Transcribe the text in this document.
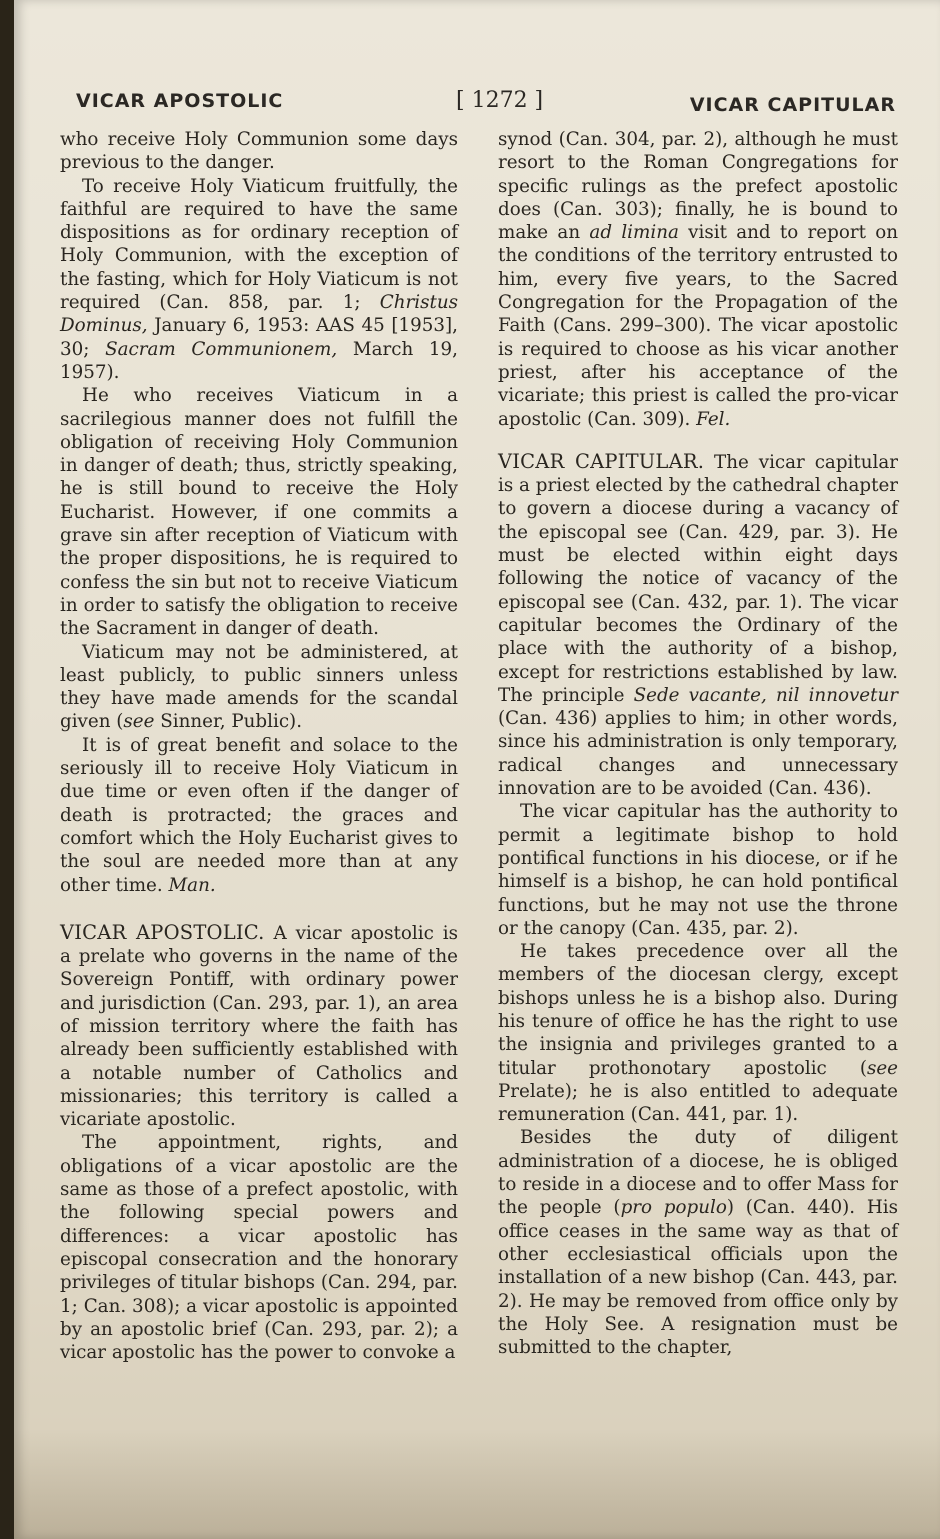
VICAR APOSTOLIC	[ 1272 ]	VICAR CAPITULAR

who receive Holy Communion some days previous to the danger.

To receive Holy Viaticum fruitfully, the faithful are required to have the same dispositions as for ordinary reception of Holy Communion, with the exception of the fasting, which for Holy Viaticum is not required (Can. 858, par. 1; Christus Dominus, January 6, 1953: AAS 45 [1953], 30; Sacram Communionem, March 19, 1957).

He who receives Viaticum in a sacrilegious manner does not fulfill the obligation of receiving Holy Communion in danger of death; thus, strictly speaking, he is still bound to receive the Holy Eucharist. However, if one commits a grave sin after reception of Viaticum with the proper dispositions, he is required to confess the sin but not to receive Viaticum in order to satisfy the obligation to receive the Sacrament in danger of death.

Viaticum may not be administered, at least publicly, to public sinners unless they have made amends for the scandal given (see Sinner, Public).

It is of great benefit and solace to the seriously ill to receive Holy Viaticum in due time or even often if the danger of death is protracted; the graces and comfort which the Holy Eucharist gives to the soul are needed more than at any other time. Man.

VICAR APOSTOLIC. A vicar apostolic is a prelate who governs in the name of the Sovereign Pontiff, with ordinary power and jurisdiction (Can. 293, par. 1), an area of mission territory where the faith has already been sufficiently established with a notable number of Catholics and missionaries; this territory is called a vicariate apostolic.

The appointment, rights, and obligations of a vicar apostolic are the same as those of a prefect apostolic, with the following special powers and differences: a vicar apostolic has episcopal consecration and the honorary privileges of titular bishops (Can. 294, par. 1; Can. 308); a vicar apostolic is appointed by an apostolic brief (Can. 293, par. 2); a vicar apostolic has the power to convoke a

synod (Can. 304, par. 2), although he must resort to the Roman Congregations for specific rulings as the prefect apostolic does (Can. 303); finally, he is bound to make an ad limina visit and to report on the conditions of the territory entrusted to him, every five years, to the Sacred Congregation for the Propagation of the Faith (Cans. 299–300). The vicar apostolic is required to choose as his vicar another priest, after his acceptance of the vicariate; this priest is called the pro-vicar apostolic (Can. 309). Fel.

VICAR CAPITULAR. The vicar capitular is a priest elected by the cathedral chapter to govern a diocese during a vacancy of the episcopal see (Can. 429, par. 3). He must be elected within eight days following the notice of vacancy of the episcopal see (Can. 432, par. 1). The vicar capitular becomes the Ordinary of the place with the authority of a bishop, except for restrictions established by law. The principle Sede vacante, nil innovetur (Can. 436) applies to him; in other words, since his administration is only temporary, radical changes and unnecessary innovation are to be avoided (Can. 436).

The vicar capitular has the authority to permit a legitimate bishop to hold pontifical functions in his diocese, or if he himself is a bishop, he can hold pontifical functions, but he may not use the throne or the canopy (Can. 435, par. 2).

He takes precedence over all the members of the diocesan clergy, except bishops unless he is a bishop also. During his tenure of office he has the right to use the insignia and privileges granted to a titular prothonotary apostolic (see Prelate); he is also entitled to adequate remuneration (Can. 441, par. 1).

Besides the duty of diligent administration of a diocese, he is obliged to reside in a diocese and to offer Mass for the people (pro populo) (Can. 440). His office ceases in the same way as that of other ecclesiastical officials upon the installation of a new bishop (Can. 443, par. 2). He may be removed from office only by the Holy See. A resignation must be submitted to the chapter,
